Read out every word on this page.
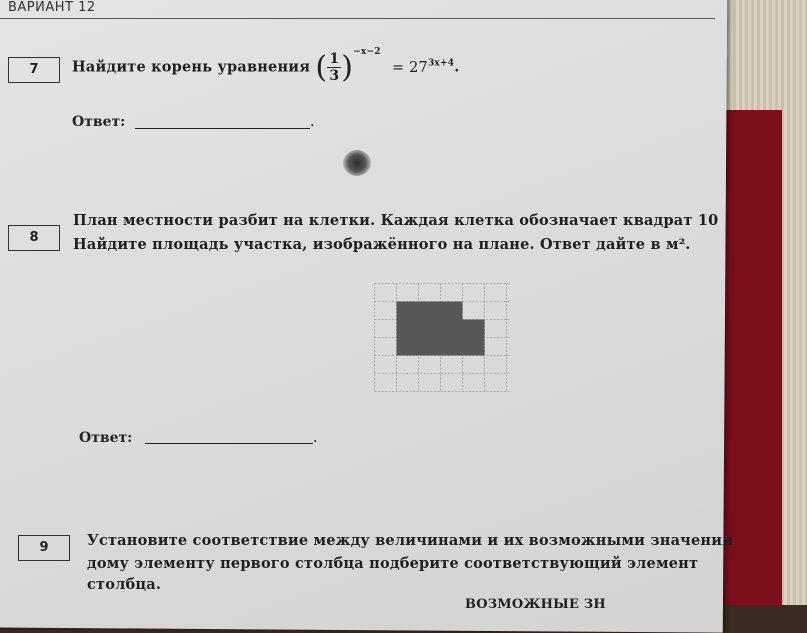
ВАРИАНТ 12
7	Найдите корень уравнения ( $\frac{1}{3} )^{-x-2} = 27^{3x+4}$.
Ответ:	.
8
План местности разбит на клетки. Каждая клетка обозначает квадрат 10
Найдите площадь участка, изображённого на плане. Ответ дайте в м².
Ответ:	.
9	Установите соответствие между величинами и их возможными значения
дому элементу первого столбца подберите соответствующий элемент
столбца.
ВОЗМОЖНЫЕ ЗН
